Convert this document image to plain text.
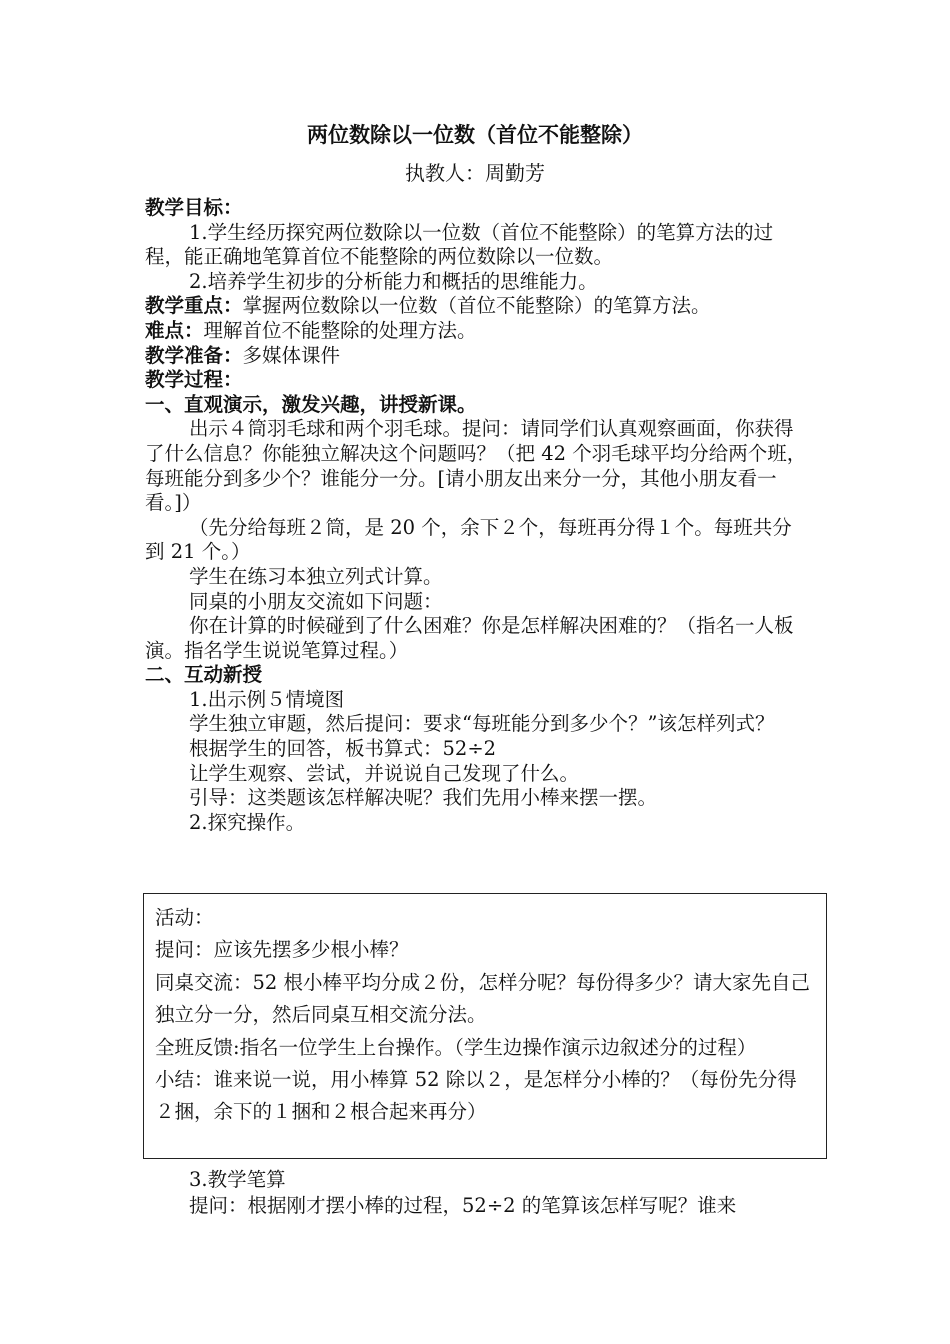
两位数除以一位数（首位不能整除）
执教人：周勤芳

教学目标：

1.学生经历探究两位数除以一位数（首位不能整除）的笔算方法的过程，能正确地笔算首位不能整除的两位数除以一位数。

2.培养学生初步的分析能力和概括的思维能力。

教学重点：掌握两位数除以一位数（首位不能整除）的笔算方法。

难点：理解首位不能整除的处理方法。

教学准备：多媒体课件

教学过程：

一、直观演示，激发兴趣，讲授新课。

出示４筒羽毛球和两个羽毛球。提问：请同学们认真观察画面，你获得了什么信息？你能独立解决这个问题吗？（把 42 个羽毛球平均分给两个班，每班能分到多少个？谁能分一分。[请小朋友出来分一分，其他小朋友看一看。]）

（先分给每班２筒，是 20 个，余下２个，每班再分得１个。每班共分到 21 个。）

学生在练习本独立列式计算。

同桌的小朋友交流如下问题：

你在计算的时候碰到了什么困难？你是怎样解决困难的？（指名一人板演。指名学生说说笔算过程。）

二、互动新授

1.出示例５情境图

学生独立审题，然后提问：要求“每班能分到多少个？”该怎样列式？

根据学生的回答，板书算式：52÷2

让学生观察、尝试，并说说自己发现了什么。

引导：这类题该怎样解决呢？我们先用小棒来摆一摆。

2.探究操作。

活动：

提问：应该先摆多少根小棒？

同桌交流：52 根小棒平均分成２份，怎样分呢？每份得多少？请大家先自己独立分一分，然后同桌互相交流分法。

全班反馈:指名一位学生上台操作。（学生边操作演示边叙述分的过程）

小结：谁来说一说，用小棒算 52 除以２，是怎样分小棒的？（每份先分得２捆，余下的１捆和２根合起来再分）

3.教学笔算

提问：根据刚才摆小棒的过程，52÷2 的笔算该怎样写呢？谁来
